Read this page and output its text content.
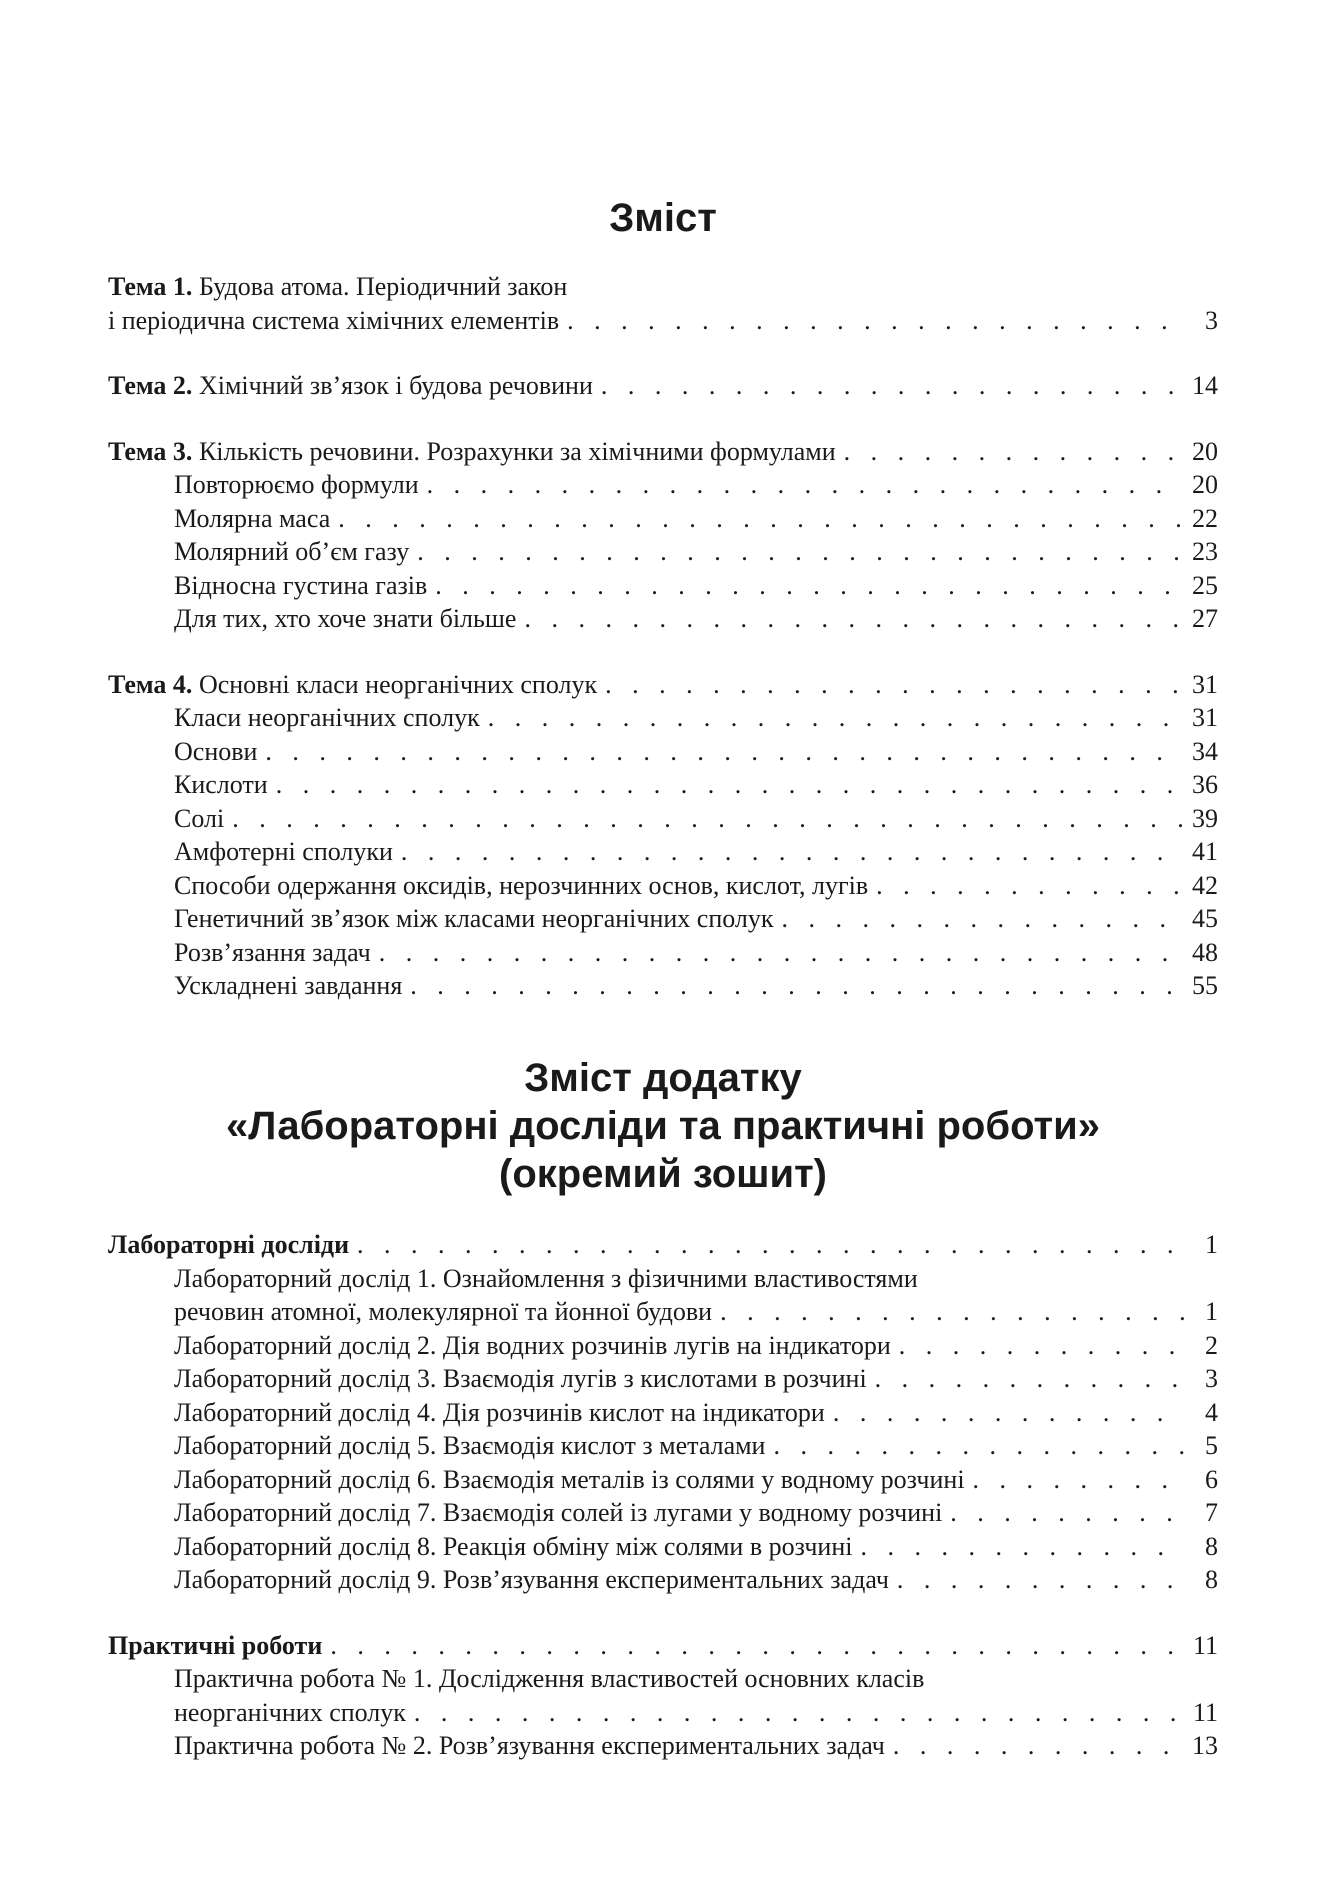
Зміст
Тема 1. Будова атома. Періодичний закон
і періодична система хімічних елементів . . .	3
Тема 2. Хімічний зв’язок і будова речовини . . .	14
Тема 3. Кількість речовини. Розрахунки за хімічними формулами . . .	20
Повторюємо формули . . .	20
Молярна маса . . .	22
Молярний об’єм газу . . .	23
Відносна густина газів . . .	25
Для тих, хто хоче знати більше . . .	27
Тема 4. Основні класи неорганічних сполук . . .	31
Класи неорганічних сполук . . .	31
Основи . . .	34
Кислоти . . .	36
Солі . . .	39
Амфотерні сполуки . . .	41
Способи одержання оксидів, нерозчинних основ, кислот, лугів . . .	42
Генетичний зв’язок між класами неорганічних сполук . . .	45
Розв’язання задач . . .	48
Ускладнені завдання . . .	55
Зміст додатку
«Лабораторні досліди та практичні роботи»
(окремий зошит)
Лабораторні досліди . . .	1
Лабораторний дослід 1. Ознайомлення з фізичними властивостями
речовин атомної, молекулярної та йонної будови . . .	1
Лабораторний дослід 2. Дія водних розчинів лугів на індикатори . . .	2
Лабораторний дослід 3. Взаємодія лугів з кислотами в розчині . . .	3
Лабораторний дослід 4. Дія розчинів кислот на індикатори . . .	4
Лабораторний дослід 5. Взаємодія кислот з металами . . .	5
Лабораторний дослід 6. Взаємодія металів із солями у водному розчині . . .	6
Лабораторний дослід 7. Взаємодія солей із лугами у водному розчині . . .	7
Лабораторний дослід 8. Реакція обміну між солями в розчині . . .	8
Лабораторний дослід 9. Розв’язування експериментальних задач . . .	8
Практичні роботи . . .	11
Практична робота № 1. Дослідження властивостей основних класів
неорганічних сполук . . .	11
Практична робота № 2. Розв’язування експериментальних задач . . .	13
